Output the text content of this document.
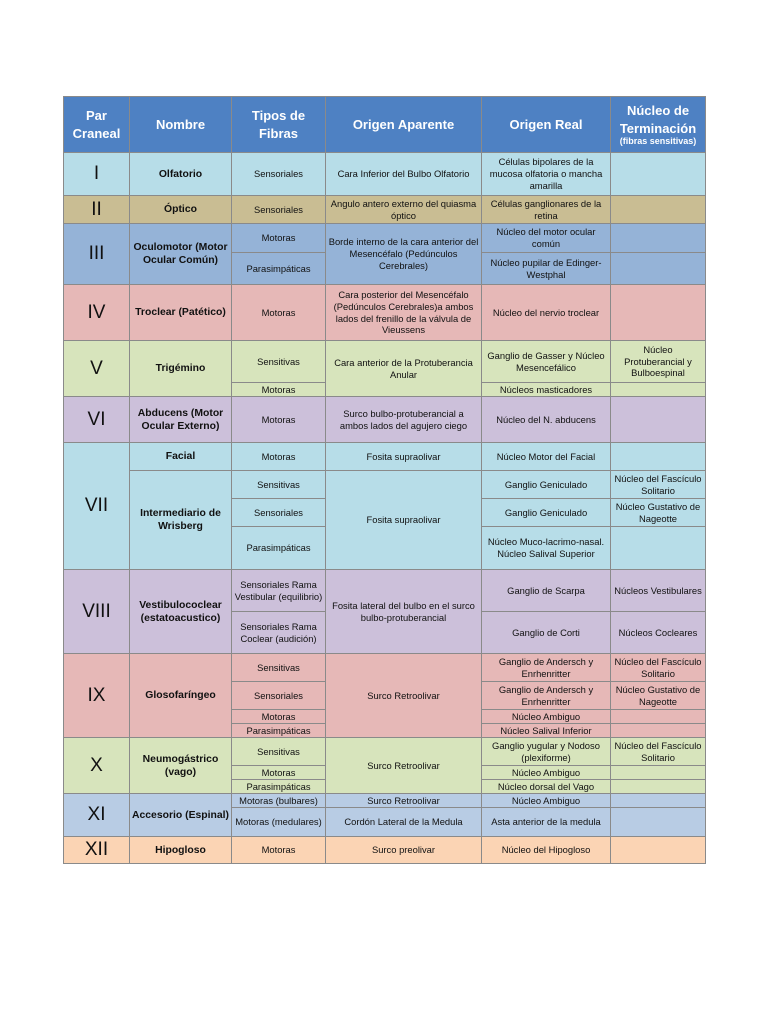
Par Craneal	Nombre	Tipos de Fibras	Origen Aparente	Origen Real	Núcleo de Terminación
(fibras sensitivas)

I	Olfatorio	Sensoriales	Cara Inferior del Bulbo Olfatorio	Células bipolares de la mucosa olfatoria o mancha amarilla	
II	Óptico	Sensoriales	Angulo antero externo del quiasma óptico	Células ganglionares de la retina	
III	Oculomotor (Motor Ocular Común)	Motoras	Borde interno de la cara anterior del Mesencéfalo (Pedúnculos Cerebrales)	Núcleo del motor ocular común	
		Parasimpáticas		Núcleo pupilar de Edinger-Westphal	
IV	Troclear (Patético)	Motoras	Cara posterior del Mesencéfalo (Pedúnculos Cerebrales)a ambos lados del frenillo de la válvula de Vieussens	Núcleo del nervio troclear	
V	Trigémino	Sensitivas	Cara anterior de la Protuberancia Anular	Ganglio de Gasser y Núcleo Mesencefálico	Núcleo Protuberancial y Bulboespinal
		Motoras		Núcleos masticadores	
VI	Abducens (Motor Ocular Externo)	Motoras	Surco bulbo-protuberancial a ambos lados del agujero ciego	Núcleo del N. abducens	
VII	Facial	Motoras	Fosita supraolivar	Núcleo Motor del Facial	
	Intermediario de Wrisberg	Sensitivas	Fosita supraolivar	Ganglio Geniculado	Núcleo del Fascículo Solitario
		Sensoriales		Ganglio Geniculado	Núcleo Gustativo de Nageotte
		Parasimpáticas		Núcleo Muco-lacrimo-nasal. Núcleo Salival Superior	
VIII	Vestibulococlear (estatoacustico)	Sensoriales Rama Vestibular (equilibrio)	Fosita lateral del bulbo en el surco bulbo-protuberancial	Ganglio de Scarpa	Núcleos Vestibulares
		Sensoriales Rama Coclear (audición)		Ganglio de Corti	Núcleos Cocleares
IX	Glosofaríngeo	Sensitivas	Surco Retroolivar	Ganglio de Andersch y Enrhenritter	Núcleo del Fascículo Solitario
		Sensoriales		Ganglio de Andersch y Enrhenritter	Núcleo Gustativo de Nageotte
		Motoras		Núcleo Ambiguo	
		Parasimpáticas		Núcleo Salival Inferior	
X	Neumogástrico (vago)	Sensitivas	Surco Retroolivar	Ganglio yugular y Nodoso (plexiforme)	Núcleo del Fascículo Solitario
		Motoras		Núcleo Ambiguo	
		Parasimpáticas		Núcleo dorsal del Vago	
XI	Accesorio (Espinal)	Motoras (bulbares)	Surco Retroolivar	Núcleo Ambiguo	
		Motoras (medulares)	Cordón Lateral de la Medula	Asta anterior de la medula	
XII	Hipogloso	Motoras	Surco preolivar	Núcleo del Hipogloso	
